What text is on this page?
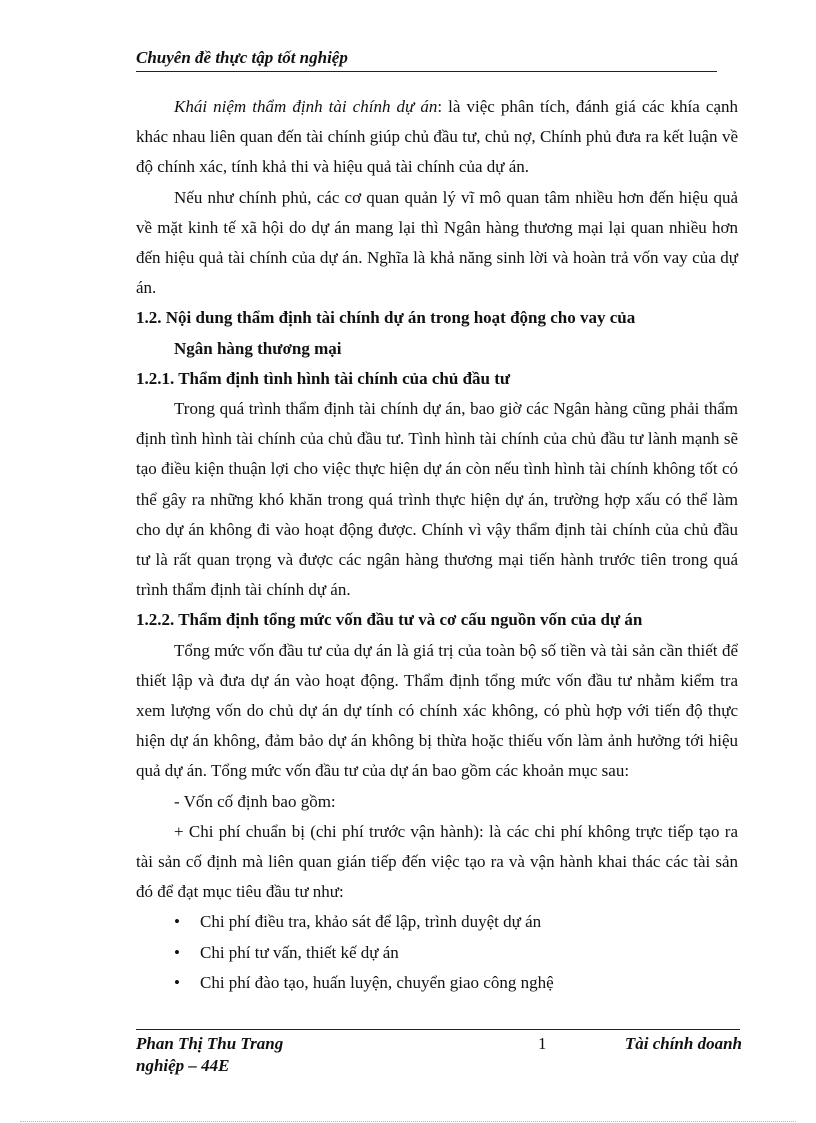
Chuyên đề thực tập tốt nghiệp

Khái niệm thẩm định tài chính dự án: là việc phân tích, đánh giá các khía cạnh khác nhau liên quan đến tài chính giúp chủ đầu tư, chủ nợ, Chính phủ đưa ra kết luận về độ chính xác, tính khả thi và hiệu quả tài chính của dự án.

Nếu như chính phủ, các cơ quan quản lý vĩ mô quan tâm nhiều hơn đến hiệu quả về mặt kinh tế xã hội do dự án mang lại thì Ngân hàng thương mại lại quan nhiều hơn đến hiệu quả tài chính của dự án. Nghĩa là khả năng sinh lời và hoàn trả vốn vay của dự án.

1.2. Nội dung thẩm định tài chính dự án trong hoạt động cho vay của
Ngân hàng thương mại
1.2.1. Thẩm định tình hình tài chính của chủ đầu tư

Trong quá trình thẩm định tài chính dự án, bao giờ các Ngân hàng cũng phải thẩm định tình hình tài chính của chủ đầu tư. Tình hình tài chính của chủ đầu tư lành mạnh sẽ tạo điều kiện thuận lợi cho việc thực hiện dự án còn nếu tình hình tài chính không tốt có thể gây ra những khó khăn trong quá trình thực hiện dự án, trường hợp xấu có thể làm cho dự án không đi vào hoạt động được. Chính vì vậy thẩm định tài chính của chủ đầu tư là rất quan trọng và được các ngân hàng thương mại tiến hành trước tiên trong quá trình thẩm định tài chính dự án.

1.2.2. Thẩm định tổng mức vốn đầu tư và cơ cấu nguồn vốn của dự án

Tổng mức vốn đầu tư của dự án là giá trị của toàn bộ số tiền và tài sản cần thiết để thiết lập và đưa dự án vào hoạt động. Thẩm định tổng mức vốn đầu tư nhằm kiểm tra xem lượng vốn do chủ dự án dự tính có chính xác không, có phù hợp với tiến độ thực hiện dự án không, đảm bảo dự án không bị thừa hoặc thiếu vốn làm ảnh hưởng tới hiệu quả dự án. Tổng mức vốn đầu tư của dự án bao gồm các khoản mục sau:

- Vốn cố định bao gồm:

+ Chi phí chuẩn bị (chi phí trước vận hành): là các chi phí không trực tiếp tạo ra tài sản cố định mà liên quan gián tiếp đến việc tạo ra và vận hành khai thác các tài sản đó để đạt mục tiêu đầu tư như:

• Chi phí điều tra, khảo sát để lập, trình duyệt dự án
• Chi phí tư vấn, thiết kế dự án
• Chi phí đào tạo, huấn luyện, chuyển giao công nghệ
Phan Thị Thu Trang	1	Tài chính doanh
nghiệp – 44E
